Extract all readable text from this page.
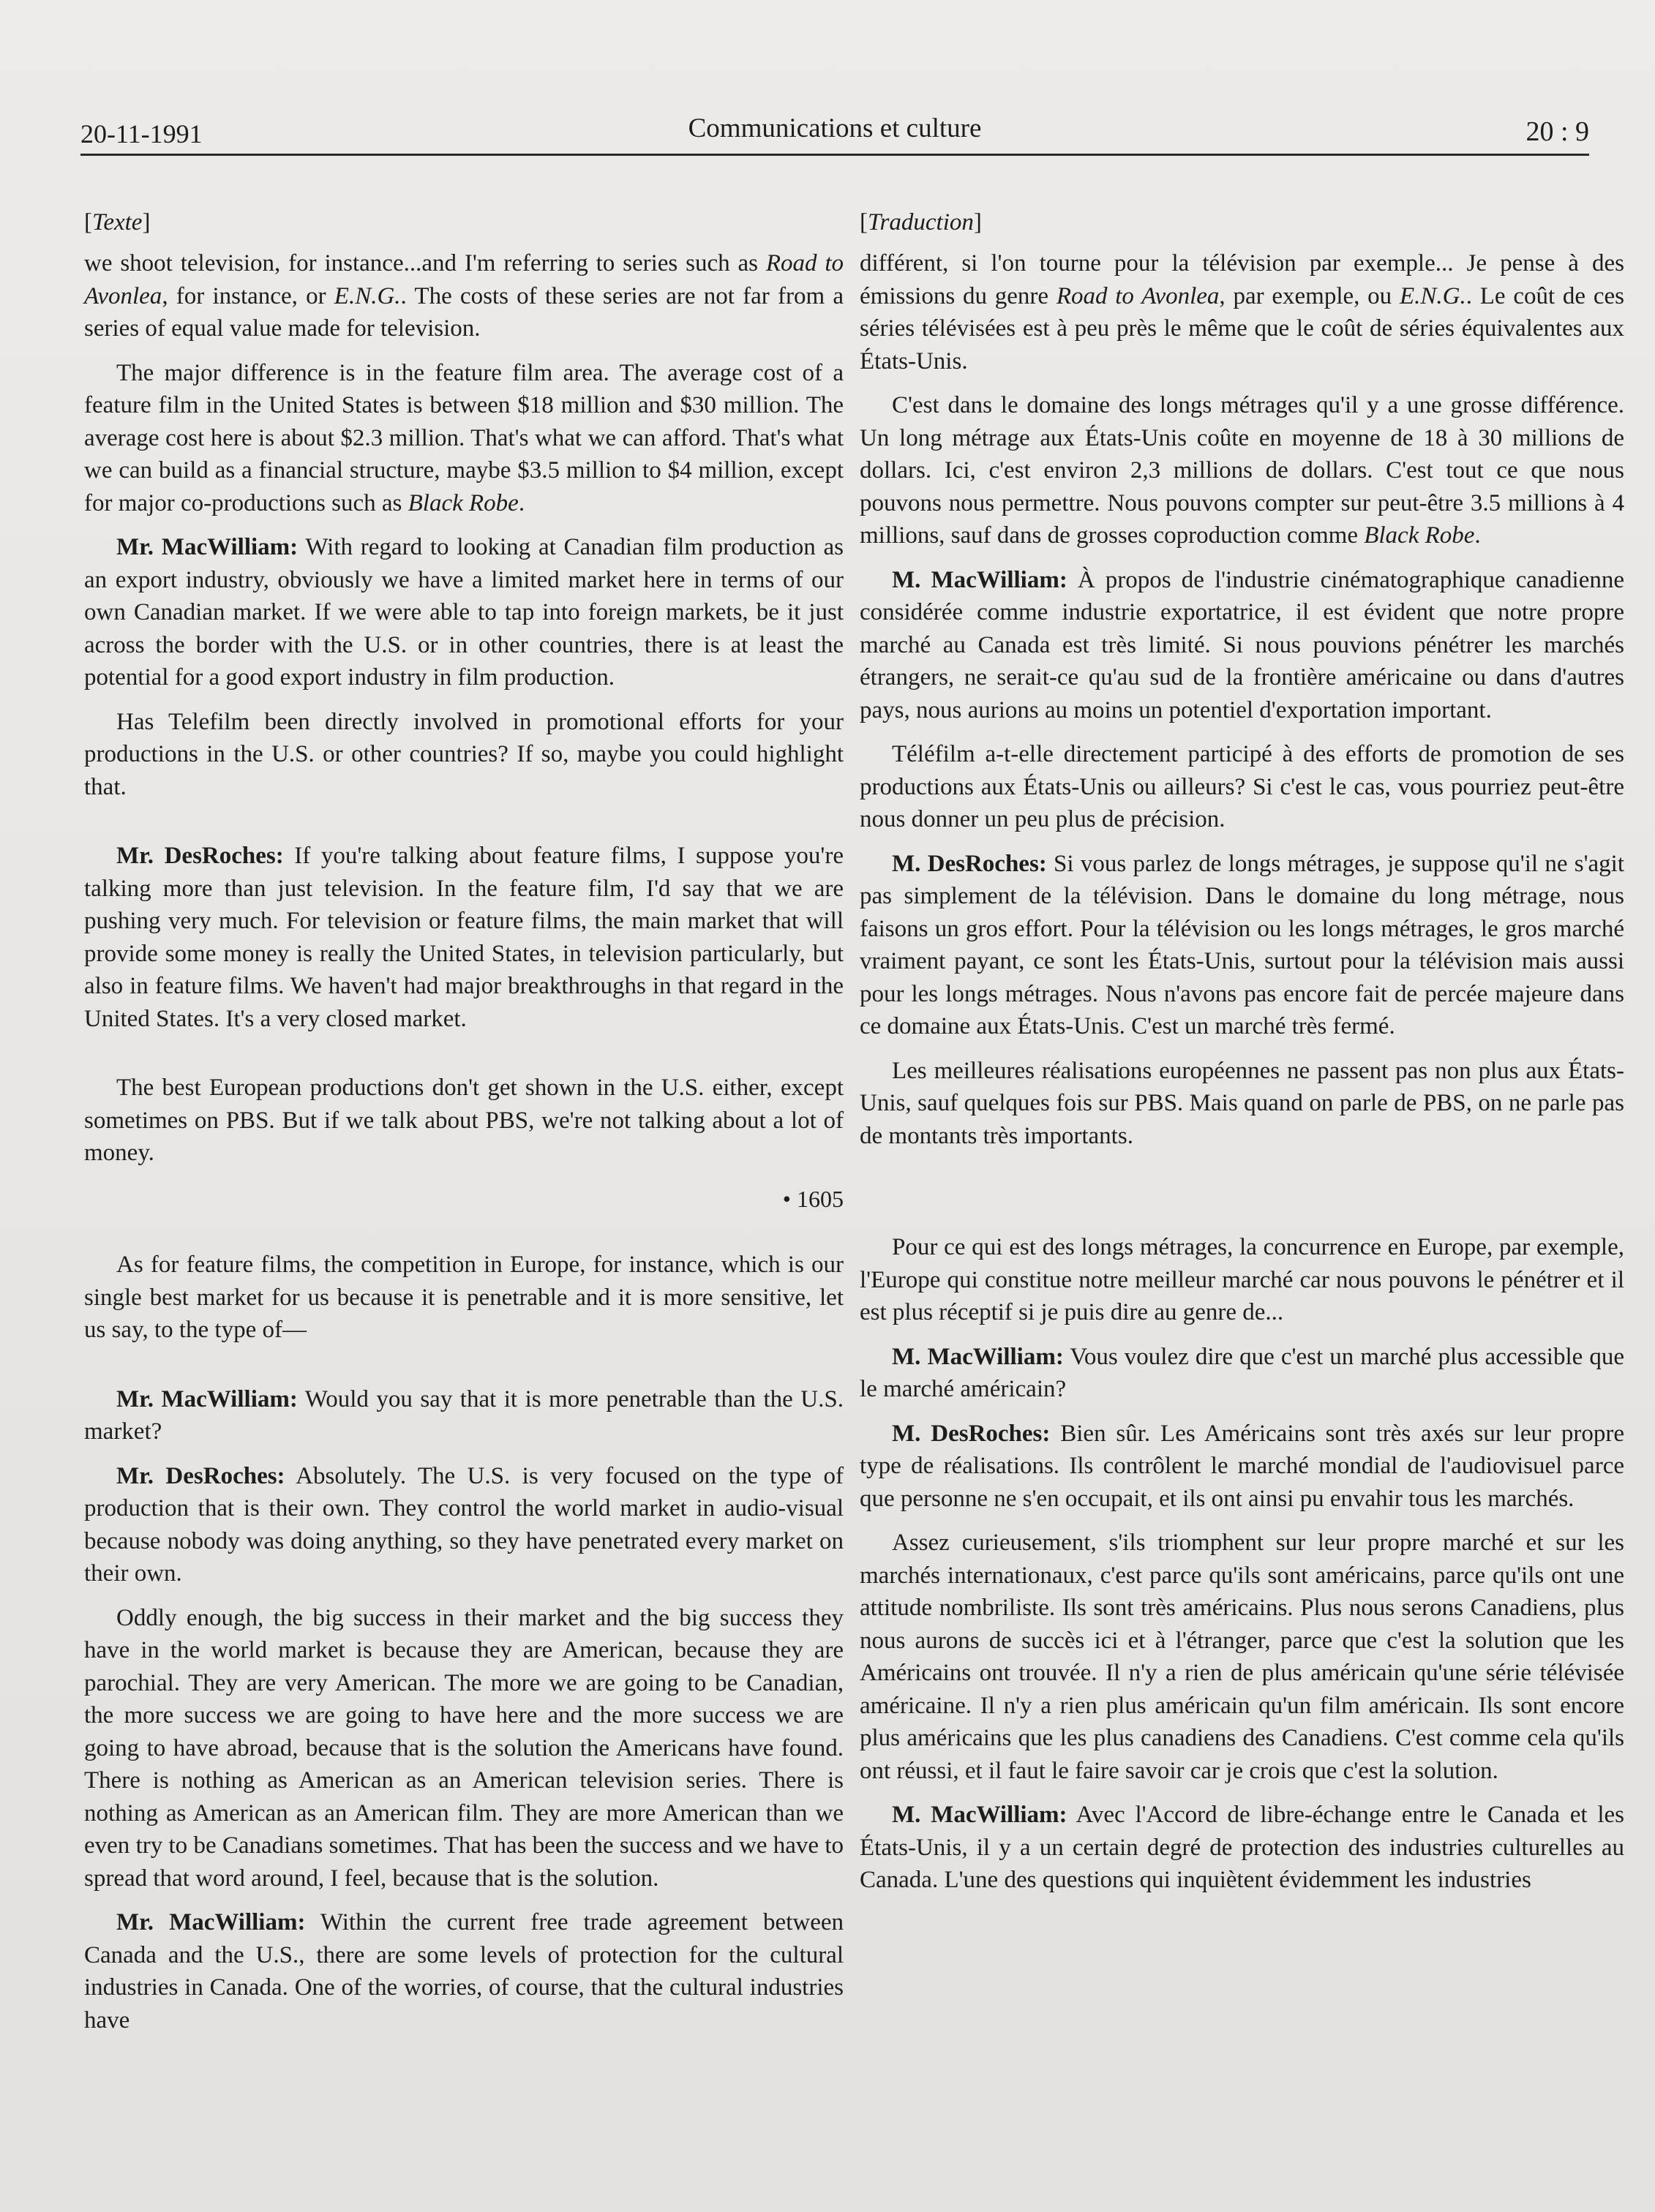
20-11-1991	Communications et culture	20 : 9
[Texte]

we shoot television, for instance...and I'm referring to series such as Road to Avonlea, for instance, or E.N.G.. The costs of these series are not far from a series of equal value made for television.

The major difference is in the feature film area. The average cost of a feature film in the United States is between $18 million and $30 million. The average cost here is about $2.3 million. That's what we can afford. That's what we can build as a financial structure, maybe $3.5 million to $4 million, except for major co-productions such as Black Robe.

Mr. MacWilliam: With regard to looking at Canadian film production as an export industry, obviously we have a limited market here in terms of our own Canadian market. If we were able to tap into foreign markets, be it just across the border with the U.S. or in other countries, there is at least the potential for a good export industry in film production.

Has Telefilm been directly involved in promotional efforts for your productions in the U.S. or other countries? If so, maybe you could highlight that.

Mr. DesRoches: If you're talking about feature films, I suppose you're talking more than just television. In the feature film, I'd say that we are pushing very much. For television or feature films, the main market that will provide some money is really the United States, in television particularly, but also in feature films. We haven't had major breakthroughs in that regard in the United States. It's a very closed market.

The best European productions don't get shown in the U.S. either, except sometimes on PBS. But if we talk about PBS, we're not talking about a lot of money.

• 1605

As for feature films, the competition in Europe, for instance, which is our single best market for us because it is penetrable and it is more sensitive, let us say, to the type of—

Mr. MacWilliam: Would you say that it is more penetrable than the U.S. market?

Mr. DesRoches: Absolutely. The U.S. is very focused on the type of production that is their own. They control the world market in audio-visual because nobody was doing anything, so they have penetrated every market on their own.

Oddly enough, the big success in their market and the big success they have in the world market is because they are American, because they are parochial. They are very American. The more we are going to be Canadian, the more success we are going to have here and the more success we are going to have abroad, because that is the solution the Americans have found. There is nothing as American as an American television series. There is nothing as American as an American film. They are more American than we even try to be Canadians sometimes. That has been the success and we have to spread that word around, I feel, because that is the solution.

Mr. MacWilliam: Within the current free trade agreement between Canada and the U.S., there are some levels of protection for the cultural industries in Canada. One of the worries, of course, that the cultural industries have

[Traduction]

différent, si l'on tourne pour la télévision par exemple... Je pense à des émissions du genre Road to Avonlea, par exemple, ou E.N.G.. Le coût de ces séries télévisées est à peu près le même que le coût de séries équivalentes aux États-Unis.

C'est dans le domaine des longs métrages qu'il y a une grosse différence. Un long métrage aux États-Unis coûte en moyenne de 18 à 30 millions de dollars. Ici, c'est environ 2,3 millions de dollars. C'est tout ce que nous pouvons nous permettre. Nous pouvons compter sur peut-être 3.5 millions à 4 millions, sauf dans de grosses coproduction comme Black Robe.

M. MacWilliam: À propos de l'industrie cinématographique canadienne considérée comme industrie exportatrice, il est évident que notre propre marché au Canada est très limité. Si nous pouvions pénétrer les marchés étrangers, ne serait-ce qu'au sud de la frontière américaine ou dans d'autres pays, nous aurions au moins un potentiel d'exportation important.

Téléfilm a-t-elle directement participé à des efforts de promotion de ses productions aux États-Unis ou ailleurs? Si c'est le cas, vous pourriez peut-être nous donner un peu plus de précision.

M. DesRoches: Si vous parlez de longs métrages, je suppose qu'il ne s'agit pas simplement de la télévision. Dans le domaine du long métrage, nous faisons un gros effort. Pour la télévision ou les longs métrages, le gros marché vraiment payant, ce sont les États-Unis, surtout pour la télévision mais aussi pour les longs métrages. Nous n'avons pas encore fait de percée majeure dans ce domaine aux États-Unis. C'est un marché très fermé.

Les meilleures réalisations européennes ne passent pas non plus aux États-Unis, sauf quelques fois sur PBS. Mais quand on parle de PBS, on ne parle pas de montants très importants.

Pour ce qui est des longs métrages, la concurrence en Europe, par exemple, l'Europe qui constitue notre meilleur marché car nous pouvons le pénétrer et il est plus réceptif si je puis dire au genre de...

M. MacWilliam: Vous voulez dire que c'est un marché plus accessible que le marché américain?

M. DesRoches: Bien sûr. Les Américains sont très axés sur leur propre type de réalisations. Ils contrôlent le marché mondial de l'audiovisuel parce que personne ne s'en occupait, et ils ont ainsi pu envahir tous les marchés.

Assez curieusement, s'ils triomphent sur leur propre marché et sur les marchés internationaux, c'est parce qu'ils sont américains, parce qu'ils ont une attitude nombriliste. Ils sont très américains. Plus nous serons Canadiens, plus nous aurons de succès ici et à l'étranger, parce que c'est la solution que les Américains ont trouvée. Il n'y a rien de plus américain qu'une série télévisée américaine. Il n'y a rien plus américain qu'un film américain. Ils sont encore plus américains que les plus canadiens des Canadiens. C'est comme cela qu'ils ont réussi, et il faut le faire savoir car je crois que c'est la solution.

M. MacWilliam: Avec l'Accord de libre-échange entre le Canada et les États-Unis, il y a un certain degré de protection des industries culturelles au Canada. L'une des questions qui inquiètent évidemment les industries
